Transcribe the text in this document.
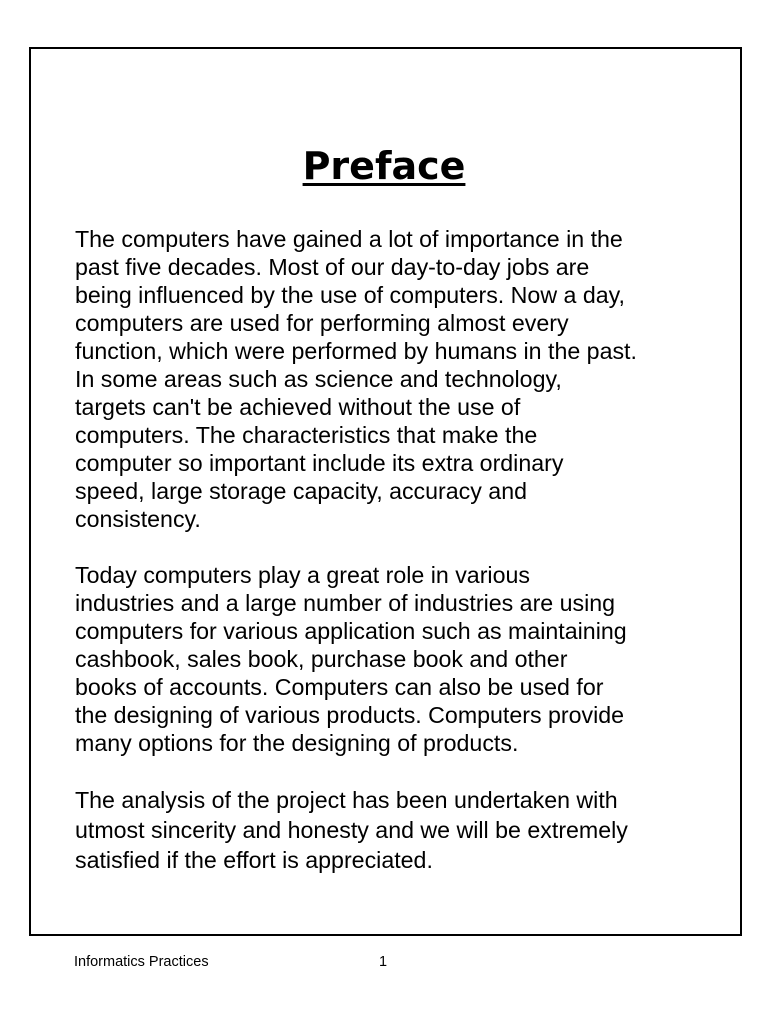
Preface

The computers have gained a lot of importance in the
past five decades. Most of our day-to-day jobs are
being influenced by the use of computers. Now a day,
computers are used for performing almost every
function, which were performed by humans in the past.
In some areas such as science and technology,
targets can't be achieved without the use of
computers. The characteristics that make the
computer so important include its extra ordinary
speed, large storage capacity, accuracy and
consistency.

Today computers play a great role in various
industries and a large number of industries are using
computers for various application such as maintaining
cashbook, sales book, purchase book and other
books of accounts. Computers can also be used for
the designing of various products. Computers provide
many options for the designing of products.

The analysis of the project has been undertaken with
utmost sincerity and honesty and we will be extremely
satisfied if the effort is appreciated.

Informatics Practices	1
